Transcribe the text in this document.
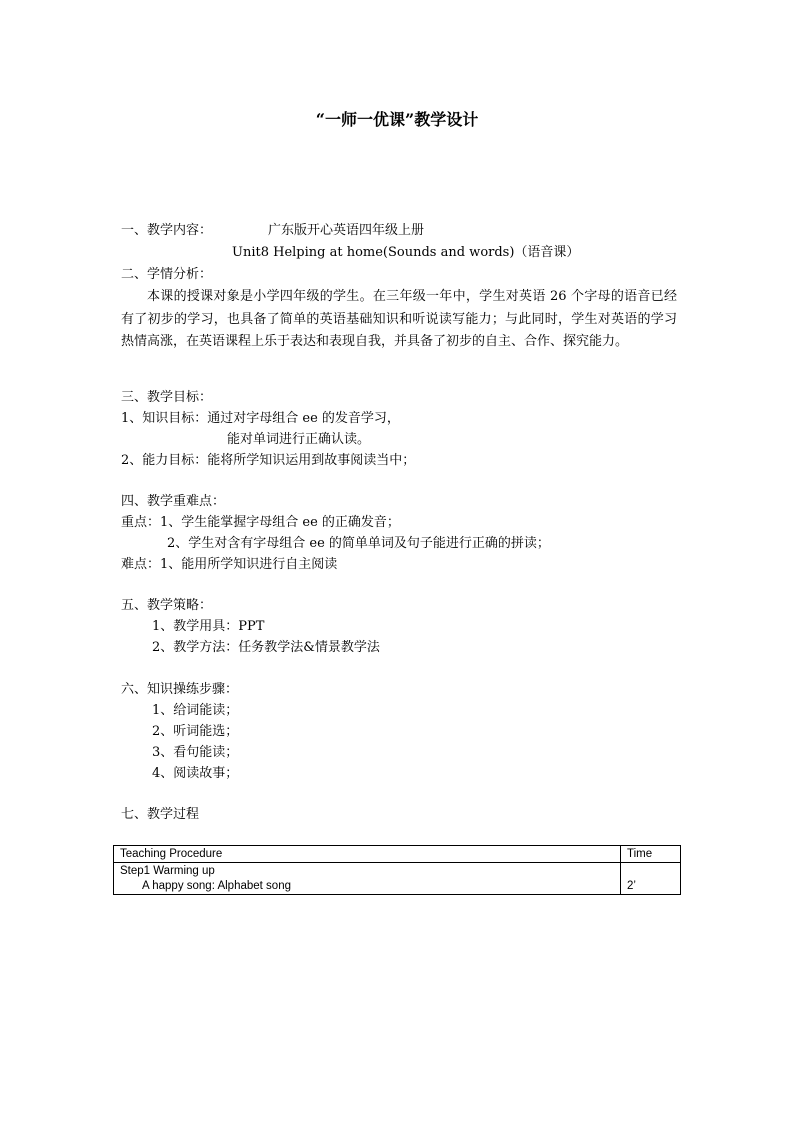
“一师一优课”教学设计
一、教学内容：	广东版开心英语四年级上册
Unit8 Helping at home(Sounds and words)（语音课）
二、学情分析：
本课的授课对象是小学四年级的学生。在三年级一年中，学生对英语 26 个字母的语音已经有了初步的学习，也具备了简单的英语基础知识和听说读写能力；与此同时，学生对英语的学习热情高涨，在英语课程上乐于表达和表现自我，并具备了初步的自主、合作、探究能力。
三、教学目标：
1、知识目标：通过对字母组合 ee 的发音学习，
能对单词进行正确认读。
2、能力目标：能将所学知识运用到故事阅读当中；
四、教学重难点：
重点：1、学生能掌握字母组合 ee 的正确发音；
2、学生对含有字母组合 ee 的简单单词及句子能进行正确的拼读；
难点：1、能用所学知识进行自主阅读
五、教学策略：
1、教学用具：PPT
2、教学方法：任务教学法&情景教学法
六、知识操练步骤：
1、给词能读；
2、听词能选；
3、看句能读；
4、阅读故事；
七、教学过程
Teaching Procedure	Time
Step1 Warming up
A happy song: Alphabet song	2’
